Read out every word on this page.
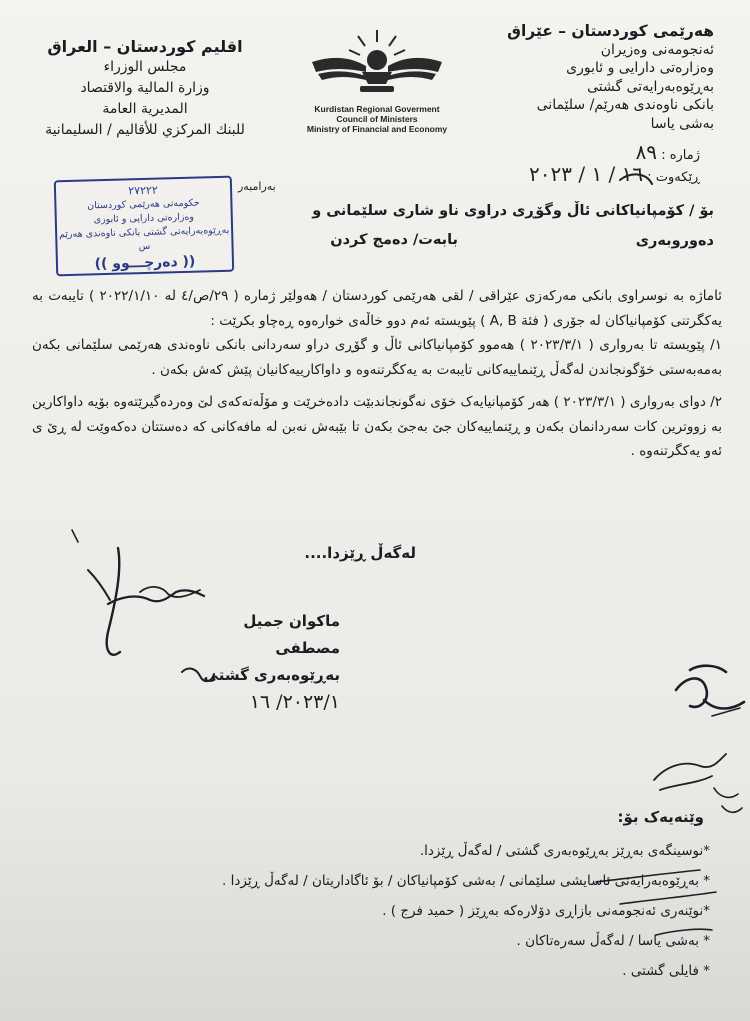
هەرێمی کوردستان – عێراق
ئەنجومەنی وەزیران
وەزارەتی دارایی و ئابوری
بەڕێوەبەرایەتی گشتی
بانکی ناوەندی هەرێم/ سلێمانی
بەشی یاسا
Kurdistan Regional Goverment
Council of Ministers
Ministry of Financial and Economy
اقليم كوردستان – العراق
مجلس الوزراء
وزارة المالية والاقتصاد
المديرية العامة
للبنك المركزي للأقاليم / السليمانية
ژمارە : ٨٩
ڕێکەوت : ١٦ / ١ / ٢٠٢٣
بەرامبەر
٢٧٢٢٢
حكومەتی هەرێمی کوردستان
وەزارەتی دارایی و ئابوری
بەڕێوەبەرایەتی گشتی بانکی ناوەندی هەرێم س
(( دەرچـــوو ))
بۆ / کۆمپانیاکانی ئاڵ وگۆڕی دراوی ناو شاری سلێمانی و دەوروبەری
بابەت/ دەمج کردن

ئاماژە بە نوسراوی بانکی مەرکەزی عێراقی / لقی هەرێمی کوردستان / هەولێر ژمارە ( ٢٩/ص/٤ لە ٢٠٢٢/١/١٠ ) تایبەت بە یەکگرتنی کۆمپانیاکان لە جۆری ( فئة A, B ) پێویستە ئەم دوو خاڵەی خوارەوە ڕەچاو بکرێت :

١/ پێویستە تا بەرواری ( ٢٠٢٣/٣/١ ) هەموو کۆمپانیاکانی ئاڵ و گۆڕی دراو سەردانی بانکی ناوەندی هەرێمی سلێمانی بکەن بەمەبەستی خۆگونجاندن لەگەڵ ڕێنماییەکانی تایبەت بە یەکگرتنەوە و داواکارییەکانیان پێش کەش بکەن .

٢/ دوای بەرواری ( ٢٠٢٣/٣/١ ) هەر کۆمپانیایەک خۆی نەگونجاندبێت دادەخرێت و مۆڵەتەکەی لێ وەردەگیرێتەوە بۆیە داواکارین بە زووترین کات سەردانمان بکەن و ڕێنماییەکان جێ بەجێ بکەن تا بێبەش نەبن لە مافەکانی کە دەستتان دەکەوێت لە ڕێ ی ئەو یەکگرتنەوە .

لەگەڵ ڕێزدا....
ماکوان جمیل مصطفی
بەڕێوەبەری گشتی
٢٠٢٣/١/ ١٦
وێنەیەک بۆ:
*نوسینگەی بەڕێز بەڕێوەبەری گشتی / لەگەڵ ڕێزدا.
* بەڕێوەبەرایەتی ئاسایشی سلێمانی / بەشی کۆمپانیاکان / بۆ ئاگاداریتان / لەگەڵ ڕێزدا .
*نوێنەری ئەنجومەنی بازاڕی دۆلارەکە بەڕێز ( حمید فرج ) .
* بەشی یاسا / لەگەڵ سەرەتاکان .
* فایلی گشتی .
